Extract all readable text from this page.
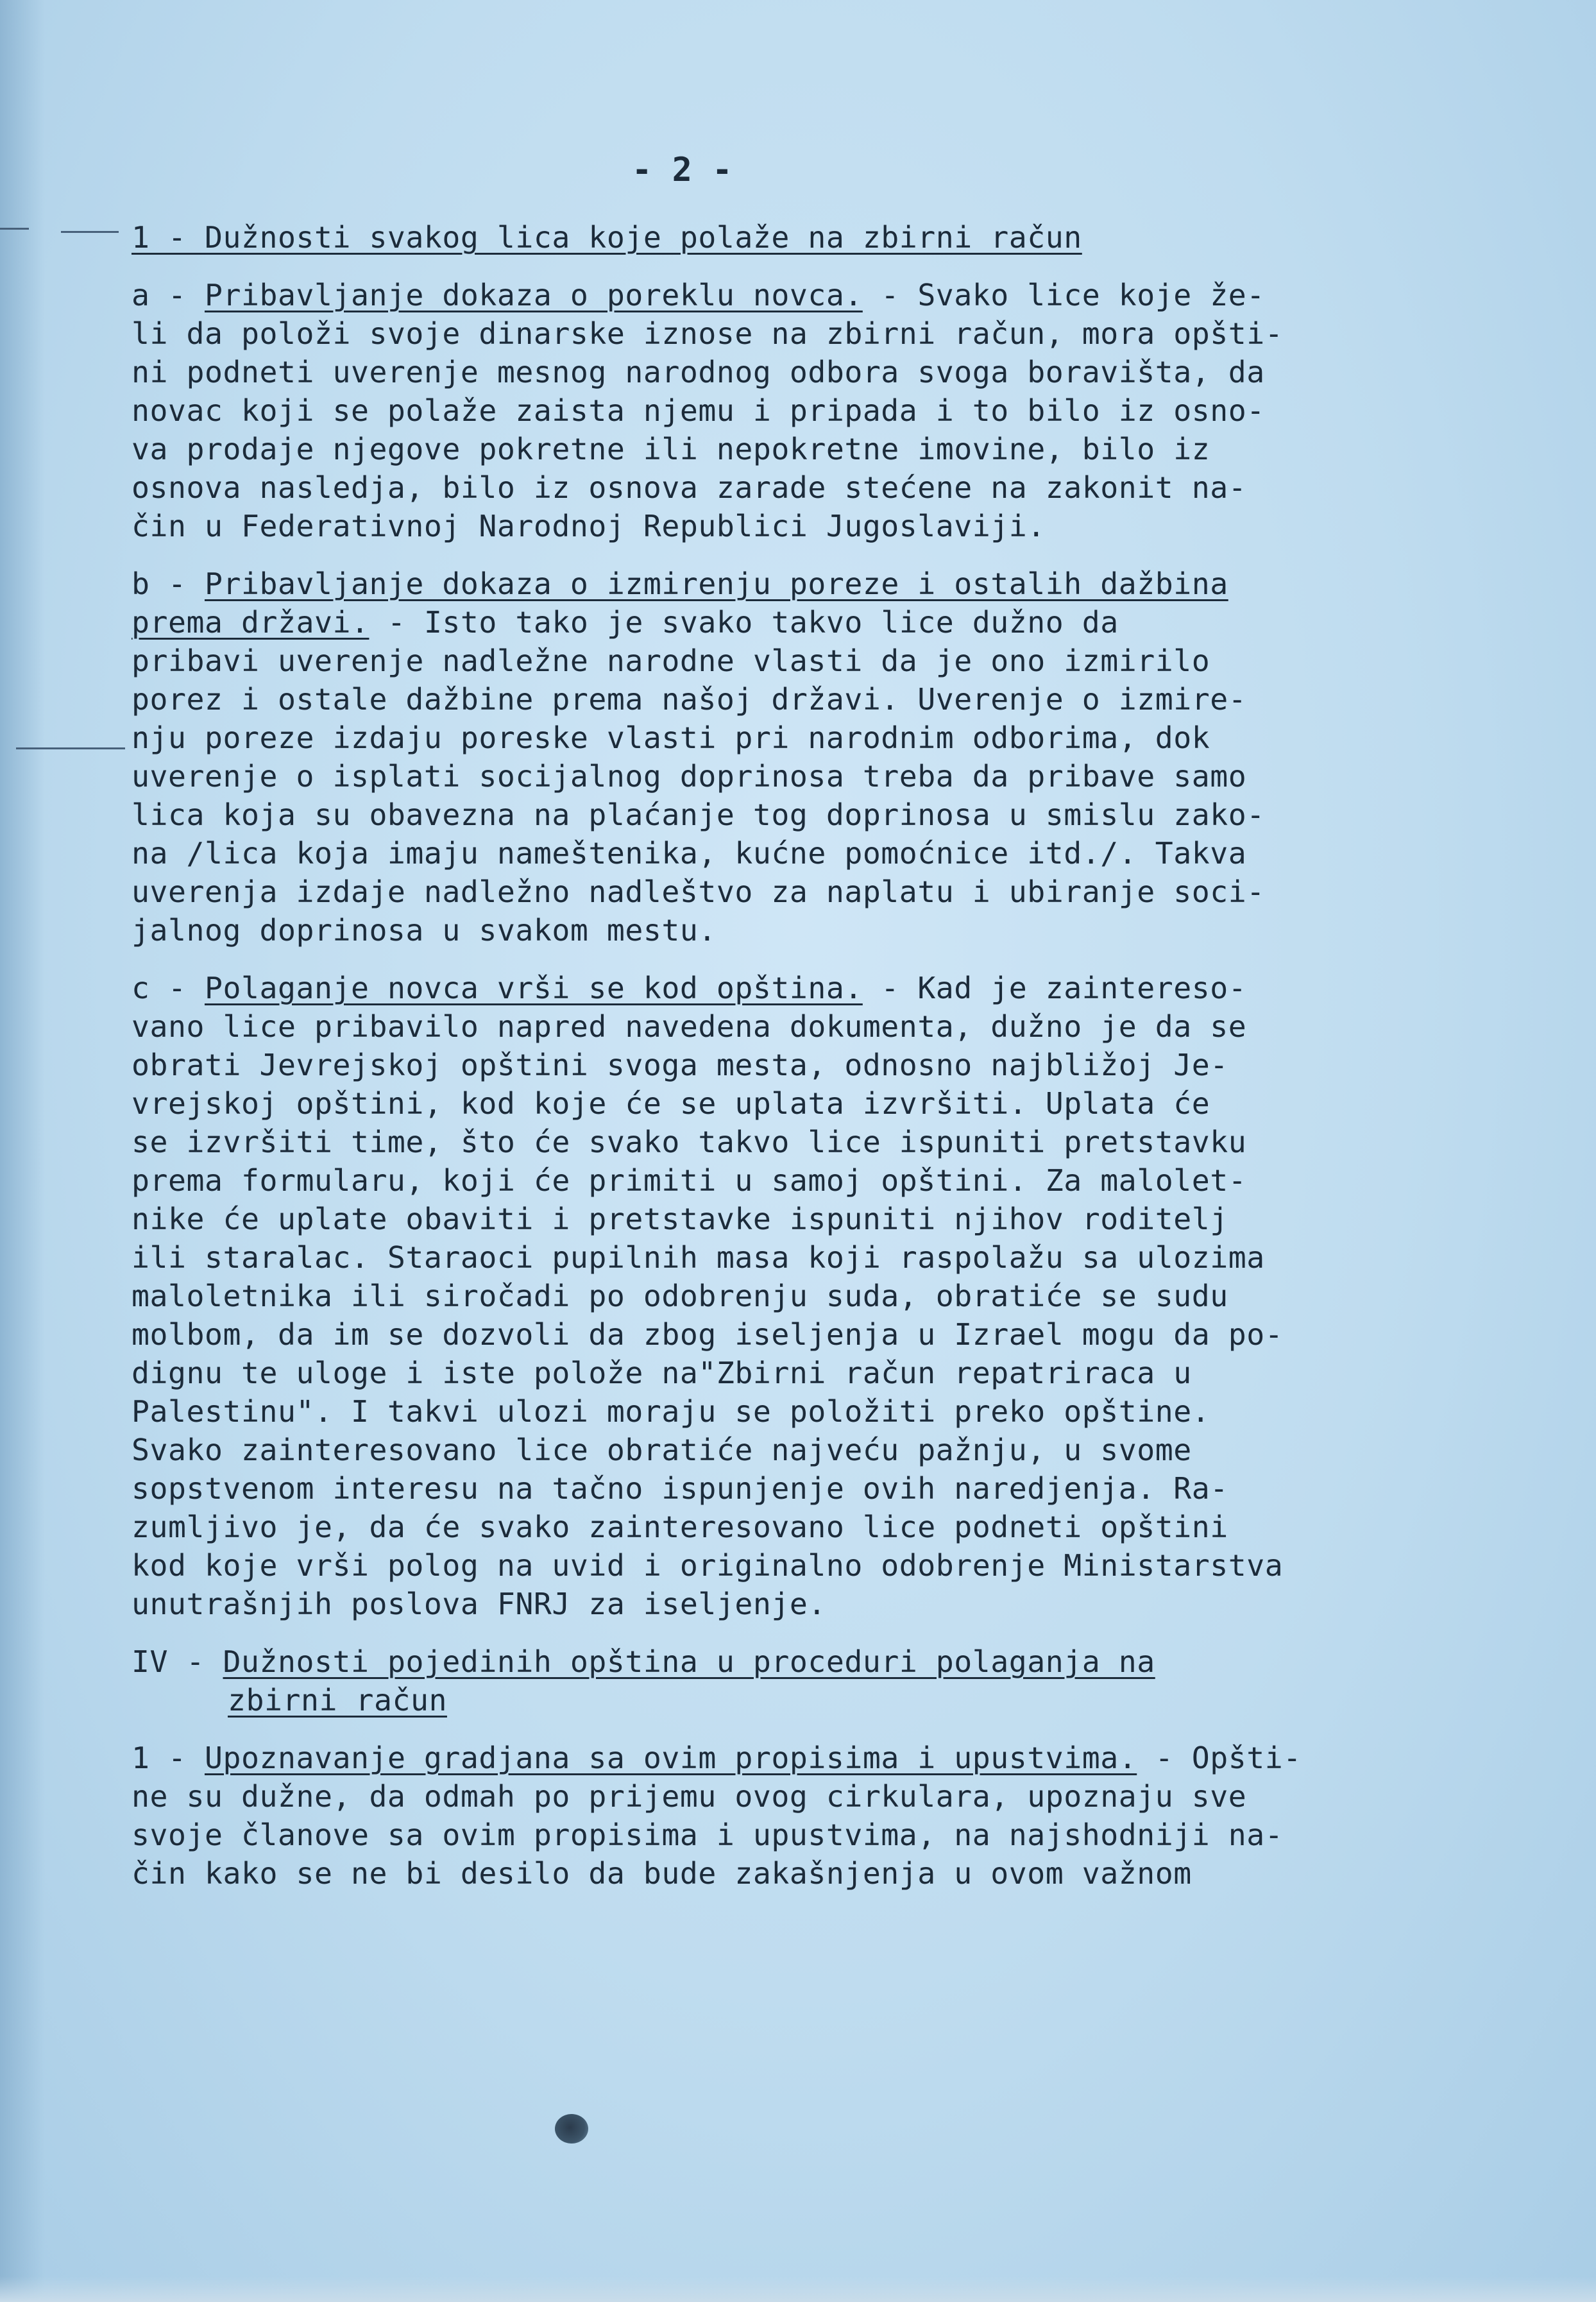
- 2 -
1 - Dužnosti svakog lica koje polaže na zbirni račun
a - Pribavljanje dokaza o poreklu novca. - Svako lice koje že-
li da položi svoje dinarske iznose na zbirni račun, mora opšti-
ni podneti uverenje mesnog narodnog odbora svoga boravišta, da
novac koji se polaže zaista njemu i pripada i to bilo iz osno-
va prodaje njegove pokretne ili nepokretne imovine, bilo iz
osnova nasledja, bilo iz osnova zarade stećene na zakonit na-
čin u Federativnoj Narodnoj Republici Jugoslaviji.
b - Pribavljanje dokaza o izmirenju poreze i ostalih dažbina
prema državi. - Isto tako je svako takvo lice dužno da
pribavi uverenje nadležne narodne vlasti da je ono izmirilo
porez i ostale dažbine prema našoj državi. Uverenje o izmire-
nju poreze izdaju poreske vlasti pri narodnim odborima, dok
uverenje o isplati socijalnog doprinosa treba da pribave samo
lica koja su obavezna na plaćanje tog doprinosa u smislu zako-
na /lica koja imaju nameštenika, kućne pomoćnice itd./. Takva
uverenja izdaje nadležno nadleštvo za naplatu i ubiranje soci-
jalnog doprinosa u svakom mestu.
c - Polaganje novca vrši se kod opština. - Kad je zaintereso-
vano lice pribavilo napred navedena dokumenta, dužno je da se
obrati Jevrejskoj opštini svoga mesta, odnosno najbližoj Je-
vrejskoj opštini, kod koje će se uplata izvršiti. Uplata će
se izvršiti time, što će svako takvo lice ispuniti pretstavku
prema formularu, koji će primiti u samoj opštini. Za malolet-
nike će uplate obaviti i pretstavke ispuniti njihov roditelj
ili staralac. Staraoci pupilnih masa koji raspolažu sa ulozima
maloletnika ili siročadi po odobrenju suda, obratiće se sudu
molbom, da im se dozvoli da zbog iseljenja u Izrael mogu da po-
dignu te uloge i iste polože na"Zbirni račun repatriraca u
Palestinu". I takvi ulozi moraju se položiti preko opštine.
Svako zainteresovano lice obratiće najveću pažnju, u svome
sopstvenom interesu na tačno ispunjenje ovih naredjenja. Ra-
zumljivo je, da će svako zainteresovano lice podneti opštini
kod koje vrši polog na uvid i originalno odobrenje Ministarstva
unutrašnjih poslova FNRJ za iseljenje.
IV - Dužnosti pojedinih opština u proceduri polaganja na
zbirni račun
1 - Upoznavanje gradjana sa ovim propisima i upustvima. - Opšti-
ne su dužne, da odmah po prijemu ovog cirkulara, upoznaju sve
svoje članove sa ovim propisima i upustvima, na najshodniji na-
čin kako se ne bi desilo da bude zakašnjenja u ovom važnom
